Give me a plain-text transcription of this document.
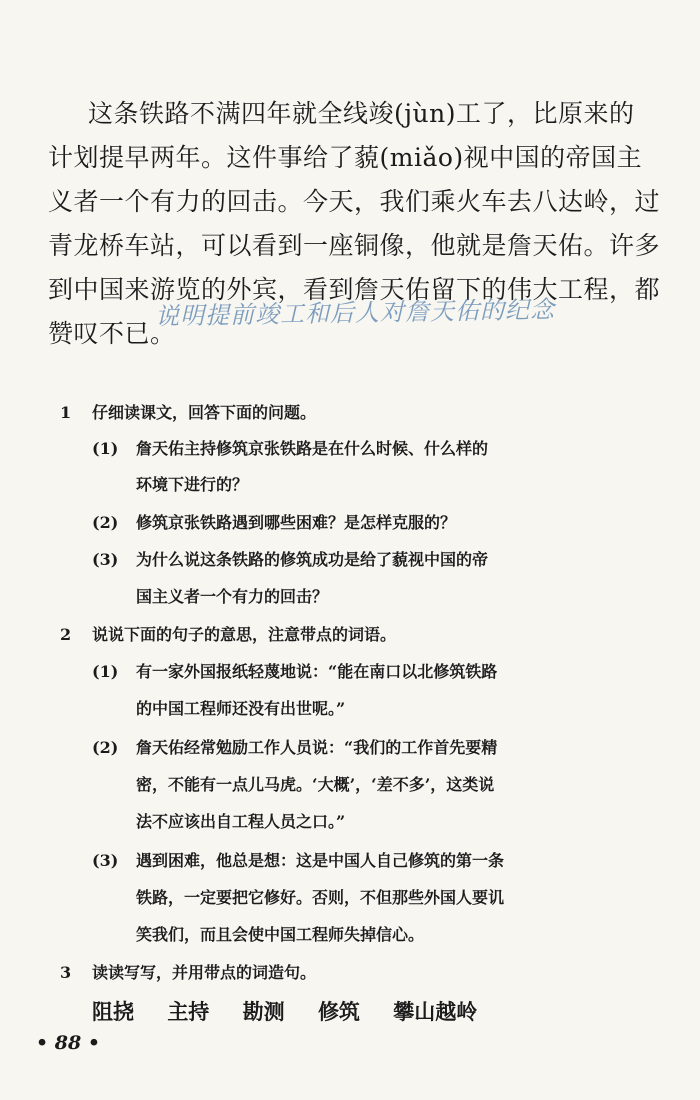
这条铁路不满四年就全线竣(jùn)工了，比原来的
计划提早两年。这件事给了藐(miǎo)视中国的帝国主
义者一个有力的回击。今天，我们乘火车去八达岭，过
青龙桥车站，可以看到一座铜像，他就是詹天佑。许多
到中国来游览的外宾，看到詹天佑留下的伟大工程，都
赞叹不已。
说明提前竣工和后人对詹天佑的纪念
1 仔细读课文，回答下面的问题。
(1) 詹天佑主持修筑京张铁路是在什么时候、什么样的
环境下进行的？
(2) 修筑京张铁路遇到哪些困难？是怎样克服的？
(3) 为什么说这条铁路的修筑成功是给了藐视中国的帝
国主义者一个有力的回击？
2 说说下面的句子的意思，注意带点的词语。
(1) 有一家外国报纸轻蔑地说：“能在南口以北修筑铁路
的中国工程师还没有出世呢。”
(2) 詹天佑经常勉励工作人员说：“我们的工作首先要精
密，不能有一点儿马虎。‘大概’，‘差不多’，这类说
法不应该出自工程人员之口。”
(3) 遇到困难，他总是想：这是中国人自己修筑的第一条
铁路，一定要把它修好。否则，不但那些外国人要讥
笑我们，而且会使中国工程师失掉信心。
3 读读写写，并用带点的词造句。
阻挠 主持 勘测 修筑 攀山越岭
• 88 •
